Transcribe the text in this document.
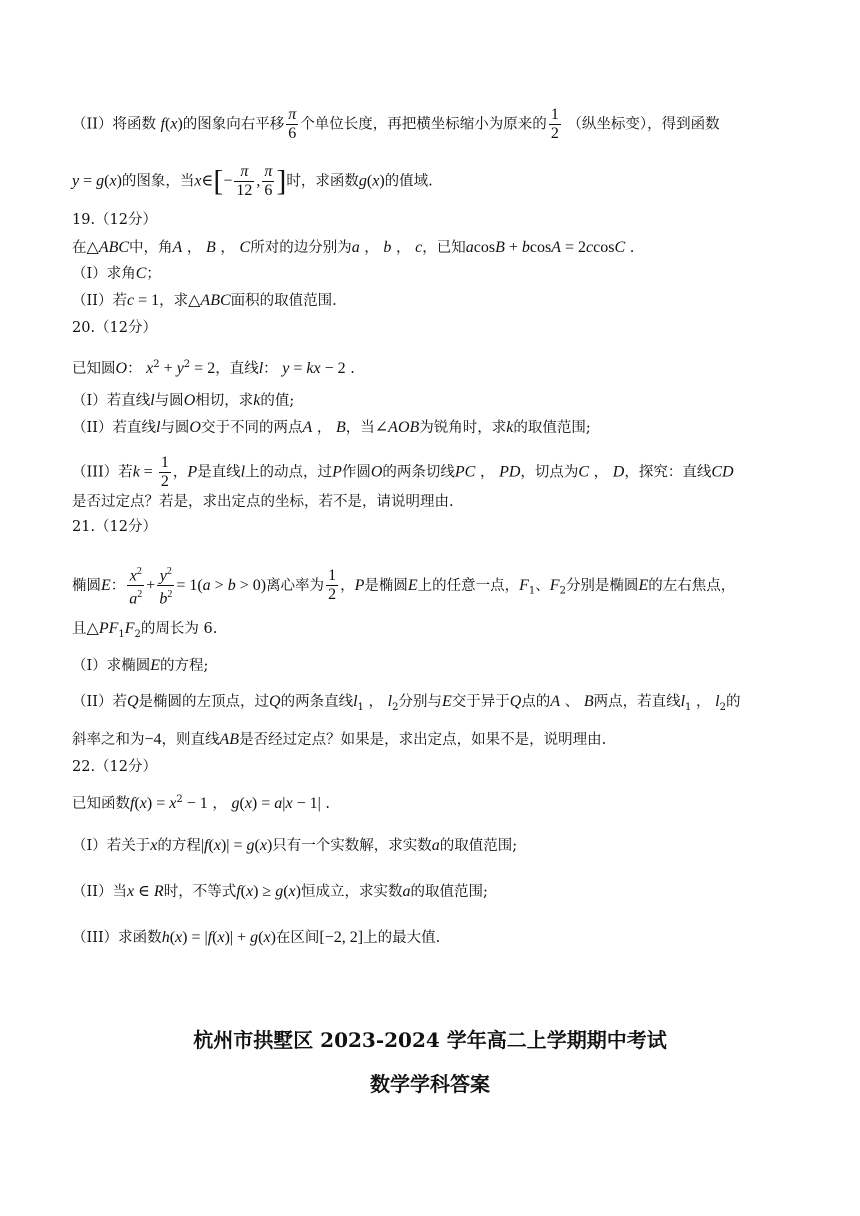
（II）将函数 f(x)的图象向右平移 $\frac{\pi}{6}$ 个单位长度，再把横坐标缩小为原来的 $\frac{1}{2}$ （纵坐标变），得到函数
y = g(x)的图象，当x∈[− $\frac{\pi}{12}$ , $\frac{\pi}{6}$ ]时，求函数g(x)的值域.
19.（12分）
在△ABC中，角A ， B ， C所对的边分别为a ， b ， c，已知acosB + bcosA = 2ccosC .
（I）求角C；
（II）若c = 1，求△ABC面积的取值范围.
20.（12分）
已知圆O： $x^2 + y^2 = 2$，直线l： y = kx − 2 .
（I）若直线l与圆O相切，求k的值;
（II）若直线l与圆O交于不同的两点A ， B，当∠AOB为锐角时，求k的取值范围;
（III）若$k = \frac{1}{2}$ ，P是直线l上的动点，过P作圆O的两条切线PC ， PD，切点为C ， D，探究：直线CD
是否过定点？若是，求出定点的坐标，若不是，请说明理由.
21.（12分）
椭圆E： $\frac{x^2}{a^2} + \frac{y^2}{b^2} = 1(a > b > 0)$离心率为 $\frac{1}{2}$ ，P是椭圆E上的任意一点，$F_1$、$F_2$分别是椭圆E的左右焦点，
且$\triangle PF_1F_2$的周长为 6.
（I）求椭圆E的方程;
（II）若Q是椭圆的左顶点，过Q的两条直线$l_1$ ， $l_2$分别与E交于异于Q点的A 、 B两点，若直线$l_1$ ， $l_2$的
斜率之和为−4，则直线AB是否经过定点？如果是，求出定点，如果不是，说明理由.
22.（12分）
已知函数$f(x) = x^2 - 1$ ， g(x) = a|x − 1| .
（I）若关于x的方程|f(x)| = g(x)只有一个实数解，求实数a的取值范围;
（II）当x ∈ R时，不等式f(x) ≥ g(x)恒成立，求实数a的取值范围;
（III）求函数h(x) = |f(x)| + g(x)在区间[−2, 2]上的最大值.
杭州市拱墅区 2023-2024 学年高二上学期期中考试
数学学科答案
